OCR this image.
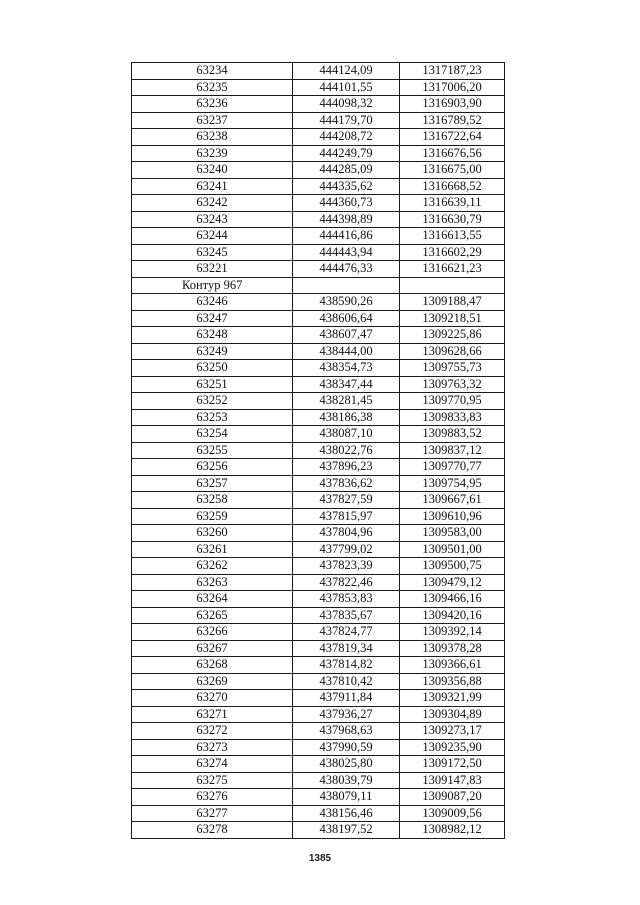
63234	444124,09	1317187,23
63235	444101,55	1317006,20
63236	444098,32	1316903,90
63237	444179,70	1316789,52
63238	444208,72	1316722,64
63239	444249,79	1316676,56
63240	444285,09	1316675,00
63241	444335,62	1316668,52
63242	444360,73	1316639,11
63243	444398,89	1316630,79
63244	444416,86	1316613,55
63245	444443,94	1316602,29
63221	444476,33	1316621,23
Контур 967		
63246	438590,26	1309188,47
63247	438606,64	1309218,51
63248	438607,47	1309225,86
63249	438444,00	1309628,66
63250	438354,73	1309755,73
63251	438347,44	1309763,32
63252	438281,45	1309770,95
63253	438186,38	1309833,83
63254	438087,10	1309883,52
63255	438022,76	1309837,12
63256	437896,23	1309770,77
63257	437836,62	1309754,95
63258	437827,59	1309667,61
63259	437815,97	1309610,96
63260	437804,96	1309583,00
63261	437799,02	1309501,00
63262	437823,39	1309500,75
63263	437822,46	1309479,12
63264	437853,83	1309466,16
63265	437835,67	1309420,16
63266	437824,77	1309392,14
63267	437819,34	1309378,28
63268	437814,82	1309366,61
63269	437810,42	1309356,88
63270	437911,84	1309321,99
63271	437936,27	1309304,89
63272	437968,63	1309273,17
63273	437990,59	1309235,90
63274	438025,80	1309172,50
63275	438039,79	1309147,83
63276	438079,11	1309087,20
63277	438156,46	1309009,56
63278	438197,52	1308982,12
1385
